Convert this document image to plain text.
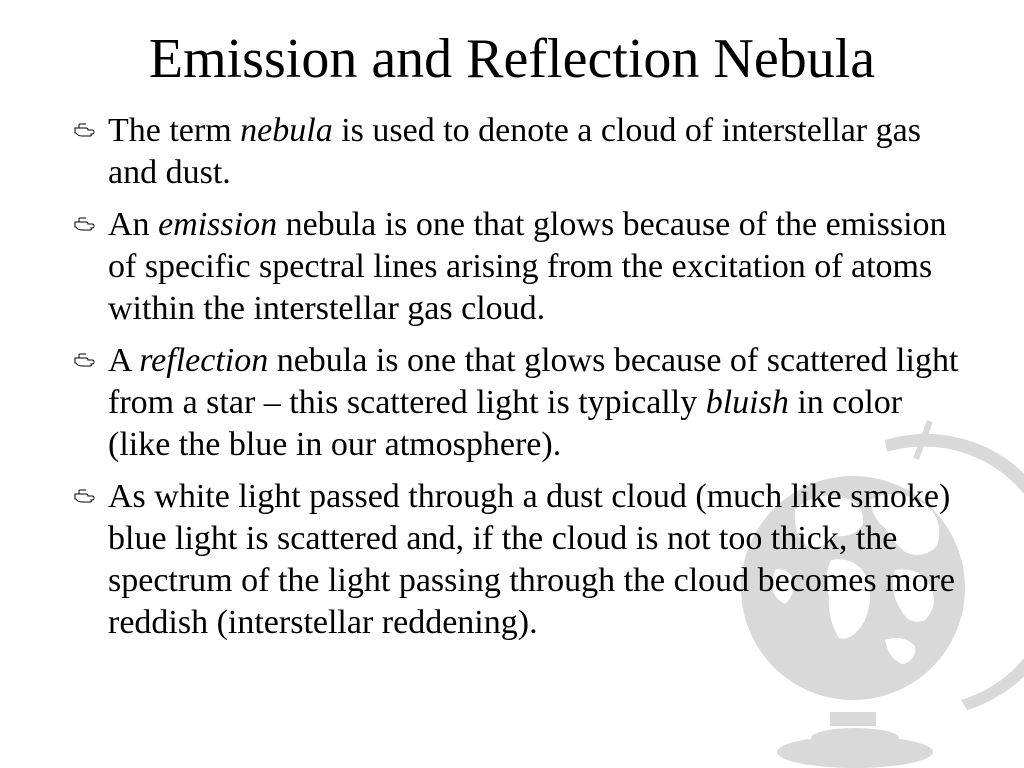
Emission and Reflection Nebula
The term nebula is used to denote a cloud of interstellar gas and dust.
An emission nebula is one that glows because of the emission of specific spectral lines arising from the excitation of atoms within the interstellar gas cloud.
A reflection nebula is one that glows because of scattered light from a star – this scattered light is typically bluish in color (like the blue in our atmosphere).
As white light passed through a dust cloud (much like smoke) blue light is scattered and, if the cloud is not too thick, the spectrum of the light passing through the cloud becomes more reddish (interstellar reddening).
